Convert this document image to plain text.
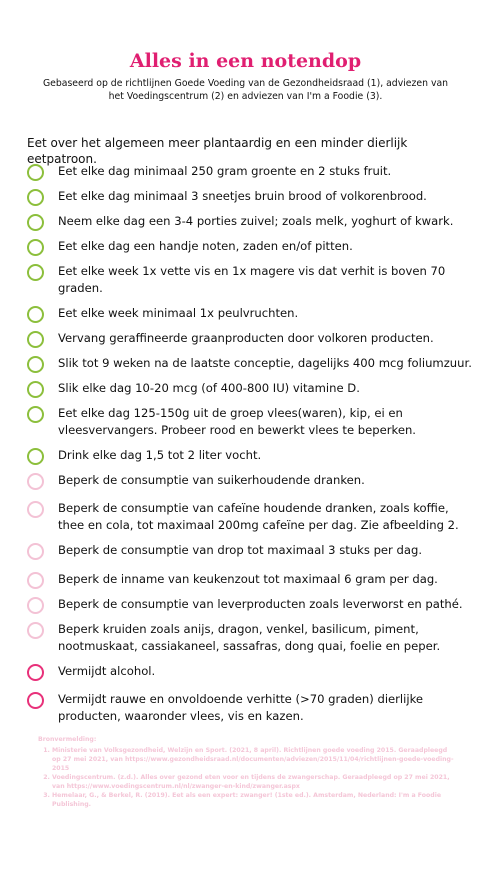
Alles in een notendop
Gebaseerd op de richtlijnen Goede Voeding van de Gezondheidsraad (1), adviezen van het Voedingscentrum (2) en adviezen van I'm a Foodie (3).
Eet over het algemeen meer plantaardig en een minder dierlijk eetpatroon.
Eet elke dag minimaal 250 gram groente en 2 stuks fruit.
Eet elke dag minimaal 3 sneetjes bruin brood of volkorenbrood.
Neem elke dag een 3-4 porties zuivel; zoals melk, yoghurt of kwark.
Eet elke dag een handje noten, zaden en/of pitten.
Eet elke week 1x vette vis en 1x magere vis dat verhit is boven 70 graden.
Eet elke week minimaal 1x peulvruchten.
Vervang geraffineerde graanproducten door volkoren producten.
Slik tot 9 weken na de laatste conceptie, dagelijks 400 mcg foliumzuur.
Slik elke dag 10-20 mcg (of 400-800 IU) vitamine D.
Eet elke dag 125-150g uit de groep vlees(waren), kip, ei en vleesvervangers. Probeer rood en bewerkt vlees te beperken.
Drink elke dag 1,5 tot 2 liter vocht.
Beperk de consumptie van suikerhoudende dranken.
Beperk de consumptie van cafeïne houdende dranken, zoals koffie, thee en cola, tot maximaal 200mg cafeïne per dag. Zie afbeelding 2.
Beperk de consumptie van drop tot maximaal 3 stuks per dag.
Beperk de inname van keukenzout tot maximaal 6 gram per dag.
Beperk de consumptie van leverproducten zoals leverworst en pathé.
Beperk kruiden zoals anijs, dragon, venkel, basilicum, piment, nootmuskaat, cassiakaneel, sassafras, dong quai, foelie en peper.
Vermijdt alcohol.
Vermijdt rauwe en onvoldoende verhitte (>70 graden) dierlijke producten, waaronder vlees, vis en kazen.
Bronvermelding:
1. Ministerie van Volksgezondheid, Welzijn en Sport. (2021, 8 april). Richtlijnen goede voeding 2015. Geraadpleegd op 27 mei 2021, van https://www.gezondheidsraad.nl/documenten/adviezen/2015/11/04/richtlijnen-goede-voeding-2015
2. Voedingscentrum. (z.d.). Alles over gezond eten voor en tijdens de zwangerschap. Geraadpleegd op 27 mei 2021, van https://www.voedingscentrum.nl/nl/zwanger-en-kind/zwanger.aspx
3. Hemelaar, G., & Berkel, R. (2019). Eet als een expert: zwanger! (1ste ed.). Amsterdam, Nederland: I'm a Foodie Publishing.
